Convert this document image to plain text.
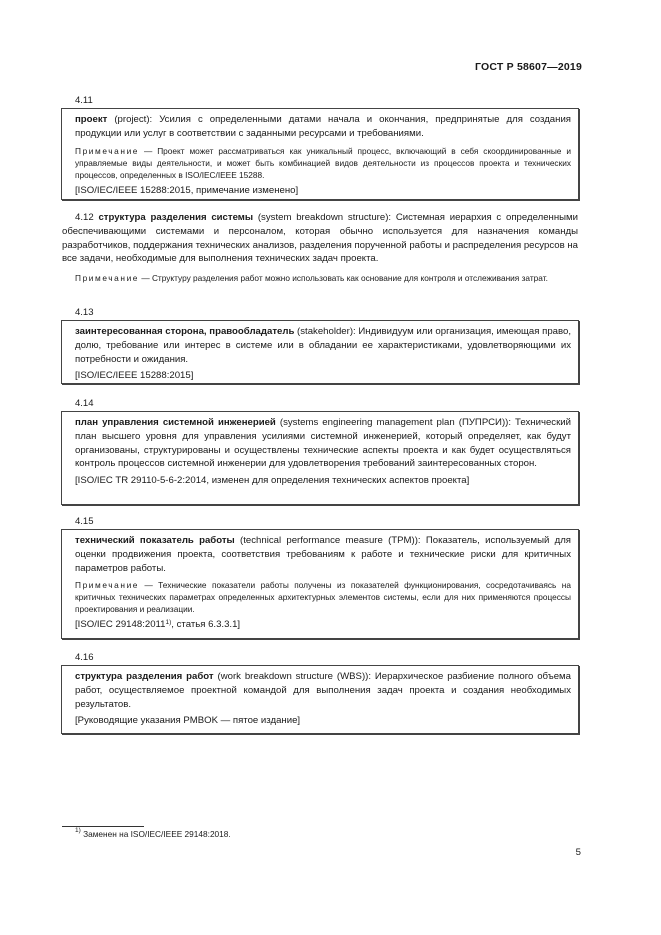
ГОСТ Р 58607—2019
4.11

проект (project): Усилия с определенными датами начала и окончания, предпринятые для создания продукции или услуг в соответствии с заданными ресурсами и требованиями.

Примечание — Проект может рассматриваться как уникальный процесс, включающий в себя скоординированные и управляемые виды деятельности, и может быть комбинацией видов деятельности из процессов проекта и технических процессов, определенных в ISO/IEC/IEEE 15288.

[ISO/IEC/IEEE 15288:2015, примечание изменено]

4.12 структура разделения системы (system breakdown structure): Системная иерархия с определенными обеспечивающими системами и персоналом, которая обычно используется для назначения команды разработчиков, поддержания технических анализов, разделения порученной работы и распределения ресурсов на все задачи, необходимые для выполнения технических задач проекта.

Примечание — Структуру разделения работ можно использовать как основание для контроля и отслеживания затрат.

4.13

заинтересованная сторона, правообладатель (stakeholder): Индивидуум или организация, имеющая право, долю, требование или интерес в системе или в обладании ее характеристиками, удовлетворяющими их потребности и ожидания.

[ISO/IEC/IEEE 15288:2015]

4.14

план управления системной инженерией (systems engineering management plan (ПУПРСИ)): Технический план высшего уровня для управления усилиями системной инженерией, который определяет, как будут организованы, структурированы и осуществлены технические аспекты проекта и как будет осуществляться контроль процессов системной инженерии для удовлетворения требований заинтересованных сторон.

[ISO/IEC TR 29110-5-6-2:2014, изменен для определения технических аспектов проекта]

4.15

технический показатель работы (technical performance measure (TPM)): Показатель, используемый для оценки продвижения проекта, соответствия требованиям к работе и технические риски для критичных параметров работы.

Примечание — Технические показатели работы получены из показателей функционирования, сосредотачиваясь на критичных технических параметрах определенных архитектурных элементов системы, если для них применяются процессы проектирования и реализации.

[ISO/IEC 29148:2011$^{1)}$, статья 6.3.3.1]

4.16

структура разделения работ (work breakdown structure (WBS)): Иерархическое разбиение полного объема работ, осуществляемое проектной командой для выполнения задач проекта и создания необходимых результатов.

[Руководящие указания PMBOK — пятое издание]

$^{1)}$ Заменен на ISO/IEC/IEEE 29148:2018.
5
